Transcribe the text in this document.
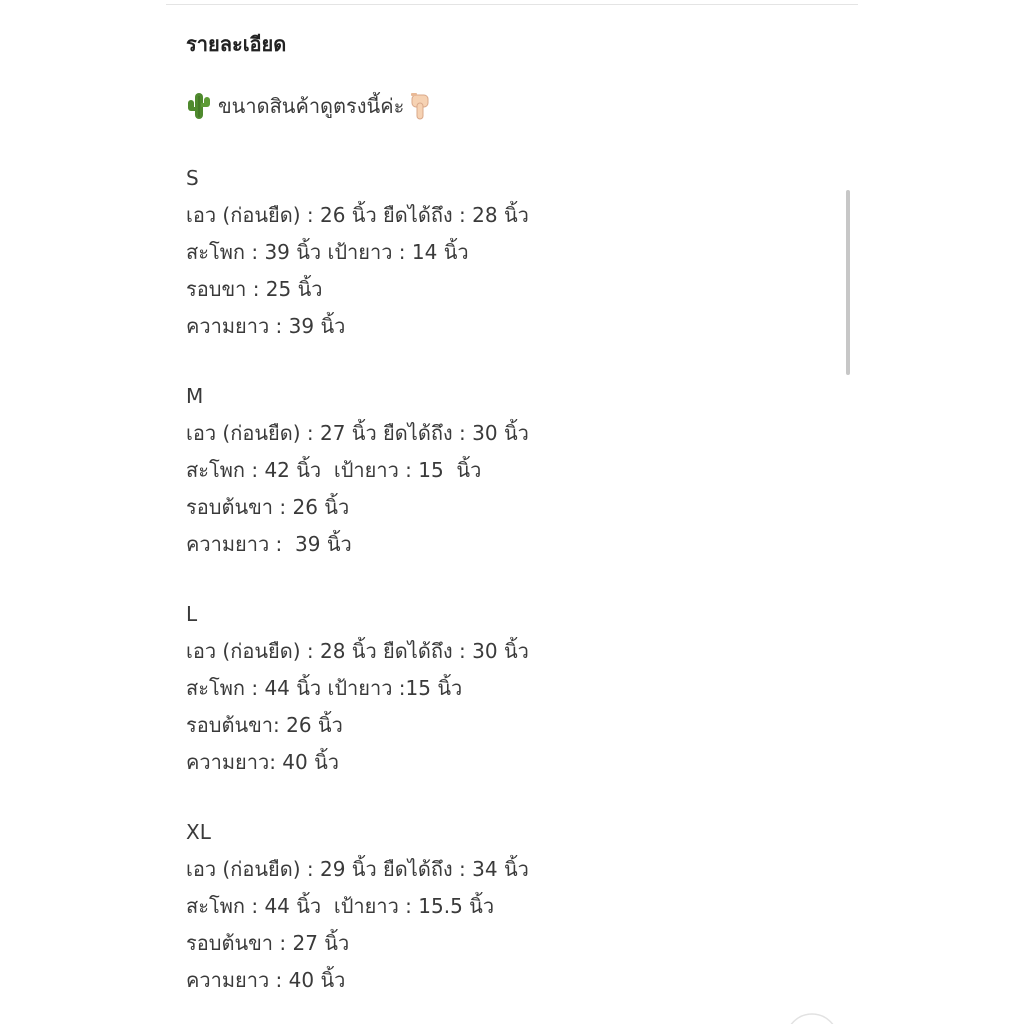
รายละเอียด
ขนาดสินค้าดูตรงนี้ค่ะ
S
เอว (ก่อนยืด) : 26 นิ้ว ยืดได้ถึง : 28 นิ้ว
สะโพก : 39 นิ้ว เป้ายาว : 14 นิ้ว
รอบขา : 25 นิ้ว
ความยาว : 39 นิ้ว
M
เอว (ก่อนยืด) : 27 นิ้ว ยืดได้ถึง : 30 นิ้ว
สะโพก : 42 นิ้ว  เป้ายาว : 15  นิ้ว
รอบต้นขา : 26 นิ้ว
ความยาว :  39 นิ้ว
L
เอว (ก่อนยืด) : 28 นิ้ว ยืดได้ถึง : 30 นิ้ว
สะโพก : 44 นิ้ว เป้ายาว :15 นิ้ว
รอบต้นขา: 26 นิ้ว
ความยาว: 40 นิ้ว
XL
เอว (ก่อนยืด) : 29 นิ้ว ยืดได้ถึง : 34 นิ้ว
สะโพก : 44 นิ้ว  เป้ายาว : 15.5 นิ้ว
รอบต้นขา : 27 นิ้ว
ความยาว : 40 นิ้ว
